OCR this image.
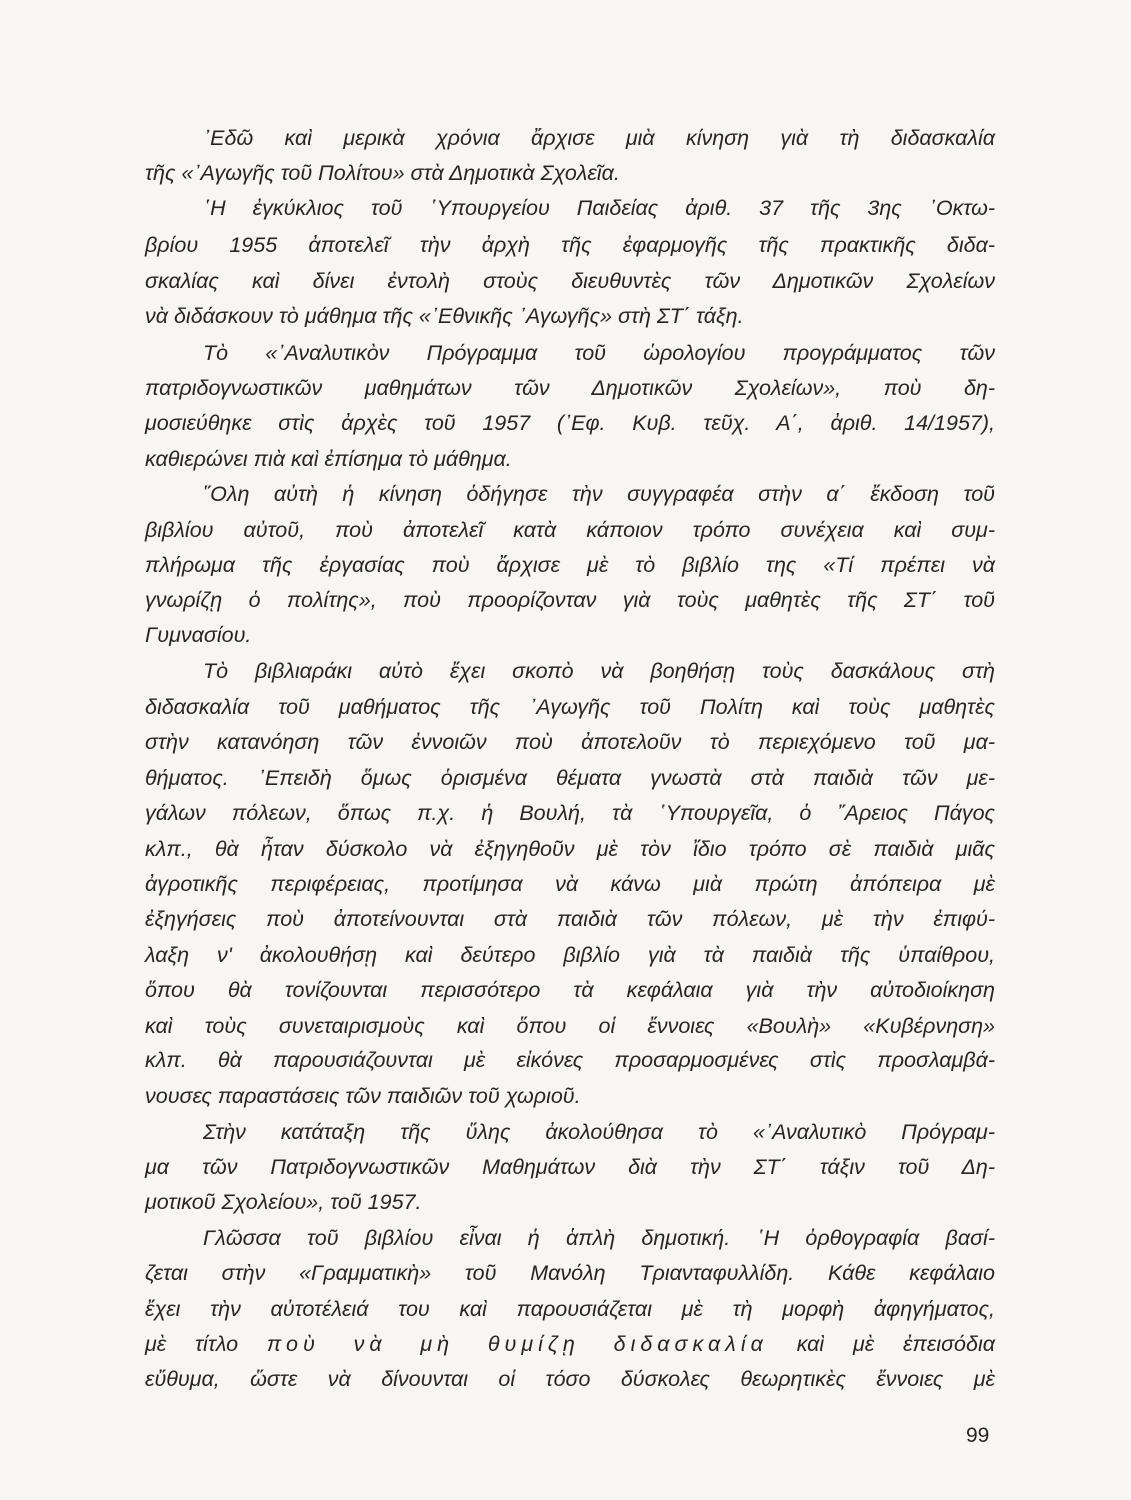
᾿Εδῶ καὶ μερικὰ χρόνια ἄρχισε μιὰ κίνηση γιὰ τὴ διδασκαλία
τῆς «᾿Αγωγῆς τοῦ Πολίτου» στὰ Δημοτικὰ Σχολεῖα.
῾Η ἐγκύκλιος τοῦ ῾Υπουργείου Παιδείας ἀριθ. 37 τῆς 3ης ᾿Οκτω-
βρίου 1955 ἀποτελεῖ τὴν ἀρχὴ τῆς ἐφαρμογῆς τῆς πρακτικῆς διδα-
σκαλίας καὶ δίνει ἐντολὴ στοὺς διευθυντὲς τῶν Δημοτικῶν Σχολείων
νὰ διδάσκουν τὸ μάθημα τῆς «᾿Εθνικῆς ᾿Αγωγῆς» στὴ ΣΤ΄ τάξη.
Τὸ «᾿Αναλυτικὸν Πρόγραμμα τοῦ ὡρολογίου προγράμματος τῶν
πατριδογνωστικῶν μαθημάτων τῶν Δημοτικῶν Σχολείων», ποὺ δη-
μοσιεύθηκε στὶς ἀρχὲς τοῦ 1957 (᾿Εφ. Κυβ. τεῦχ. Α΄, ἀριθ. 14/1957),
καθιερώνει πιὰ καὶ ἐπίσημα τὸ μάθημα.
῞Ολη αὐτὴ ἡ κίνηση ὁδήγησε τὴν συγγραφέα στὴν α΄ ἔκδοση τοῦ
βιβλίου αὐτοῦ, ποὺ ἀποτελεῖ κατὰ κάποιον τρόπο συνέχεια καὶ συμ-
πλήρωμα τῆς ἐργασίας ποὺ ἄρχισε μὲ τὸ βιβλίο της «Τί πρέπει νὰ
γνωρίζῃ ὁ πολίτης», ποὺ προορίζονταν γιὰ τοὺς μαθητὲς τῆς ΣΤ΄ τοῦ
Γυμνασίου.
Τὸ βιβλιαράκι αὐτὸ ἔχει σκοπὸ νὰ βοηθήσῃ τοὺς δασκάλους στὴ
διδασκαλία τοῦ μαθήματος τῆς ᾿Αγωγῆς τοῦ Πολίτη καὶ τοὺς μαθητὲς
στὴν κατανόηση τῶν ἐννοιῶν ποὺ ἀποτελοῦν τὸ περιεχόμενο τοῦ μα-
θήματος. ᾿Επειδὴ ὅμως ὁρισμένα θέματα γνωστὰ στὰ παιδιὰ τῶν με-
γάλων πόλεων, ὅπως π.χ. ἡ Βουλή, τὰ ῾Υπουργεῖα, ὁ ῎Αρειος Πάγος
κλπ., θὰ ἦταν δύσκολο νὰ ἐξηγηθοῦν μὲ τὸν ἴδιο τρόπο σὲ παιδιὰ μιᾶς
ἀγροτικῆς περιφέρειας, προτίμησα νὰ κάνω μιὰ πρώτη ἀπόπειρα μὲ
ἐξηγήσεις ποὺ ἀποτείνουνται στὰ παιδιὰ τῶν πόλεων, μὲ τὴν ἐπιφύ-
λαξη ν' ἀκολουθήσῃ καὶ δεύτερο βιβλίο γιὰ τὰ παιδιὰ τῆς ὑπαίθρου,
ὅπου θὰ τονίζουνται περισσότερο τὰ κεφάλαια γιὰ τὴν αὐτοδιοίκηση
καὶ τοὺς συνεταιρισμοὺς καὶ ὅπου οἱ ἔννοιες «Βουλὴ» «Κυβέρνηση»
κλπ. θὰ παρουσιάζουνται μὲ εἰκόνες προσαρμοσμένες στὶς προσλαμβά-
νουσες παραστάσεις τῶν παιδιῶν τοῦ χωριοῦ.
Στὴν κατάταξη τῆς ὕλης ἀκολούθησα τὸ «᾿Αναλυτικὸ Πρόγραμ-
μα τῶν Πατριδογνωστικῶν Μαθημάτων διὰ τὴν ΣΤ΄ τάξιν τοῦ Δη-
μοτικοῦ Σχολείου», τοῦ 1957.
Γλῶσσα τοῦ βιβλίου εἶναι ἡ ἁπλὴ δημοτική. ῾Η ὀρθογραφία βασί-
ζεται στὴν «Γραμματικὴ» τοῦ Μανόλη Τριανταφυλλίδη. Κάθε κεφάλαιο
ἔχει τὴν αὐτοτέλειά του καὶ παρουσιάζεται μὲ τὴ μορφὴ ἀφηγήματος,
μὲ τίτλο ποὺ νὰ μὴ θυμίζῃ διδασκαλία καὶ μὲ ἐπεισόδια
εὔθυμα, ὥστε νὰ δίνουνται οἱ τόσο δύσκολες θεωρητικὲς ἔννοιες μὲ
99
